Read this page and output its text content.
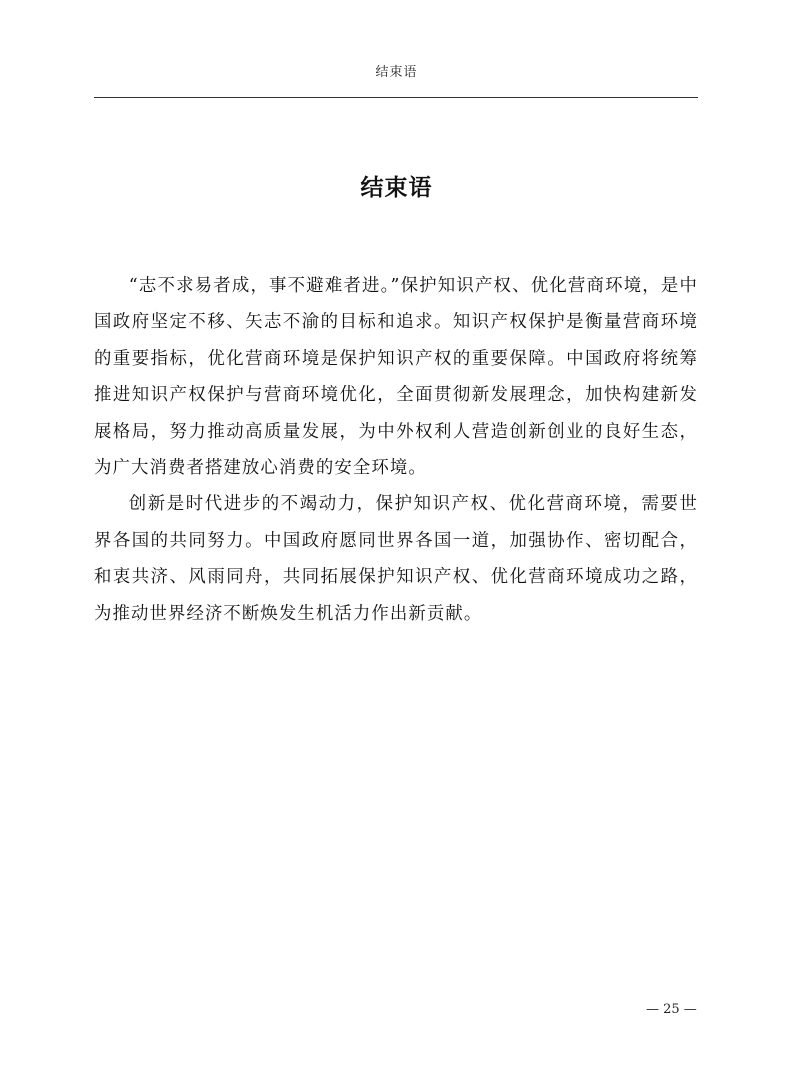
结束语
结束语

“志不求易者成，事不避难者进。”保护知识产权、优化营商环境，是中国政府坚定不移、矢志不渝的目标和追求。知识产权保护是衡量营商环境的重要指标，优化营商环境是保护知识产权的重要保障。中国政府将统筹推进知识产权保护与营商环境优化，全面贯彻新发展理念，加快构建新发展格局，努力推动高质量发展，为中外权利人营造创新创业的良好生态，为广大消费者搭建放心消费的安全环境。

创新是时代进步的不竭动力，保护知识产权、优化营商环境，需要世界各国的共同努力。中国政府愿同世界各国一道，加强协作、密切配合，和衷共济、风雨同舟，共同拓展保护知识产权、优化营商环境成功之路，为推动世界经济不断焕发生机活力作出新贡献。

— 25 —
